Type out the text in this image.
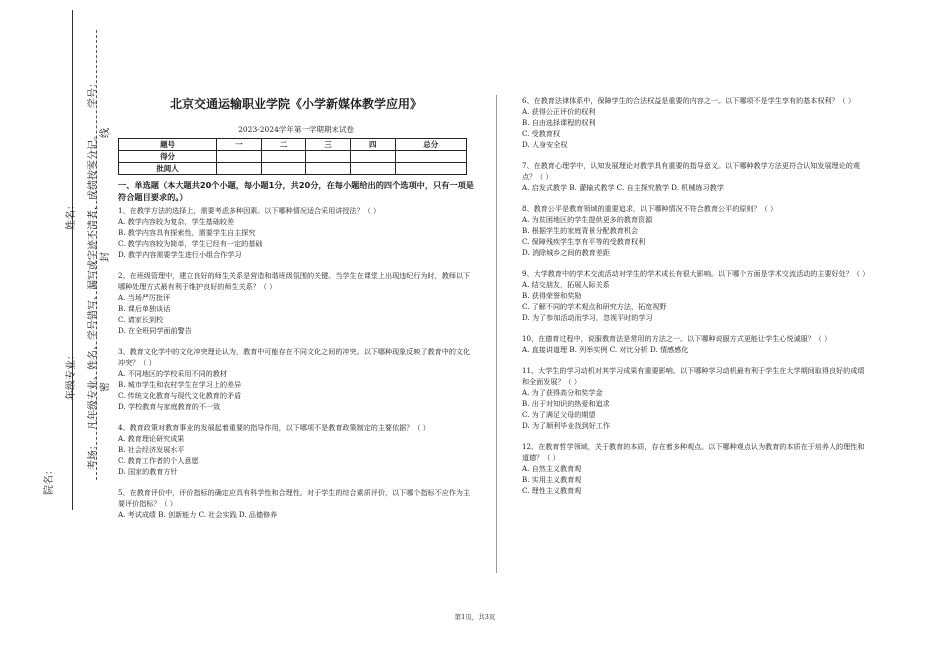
姓名：
年级专业：
院名：
学号：
考场：
凡年级专业、姓名、学号错写、漏写或字迹不清者，成绩按零分记。 密
封
线

北京交通运输职业学院《小学新媒体教学应用》

2023-2024学年第一学期期末试卷

题号	一	二	三	四	总分
得分					
批阅人					

一、单选题（本大题共20个小题，每小题1分，共20分，在每小题给出的四个选项中，只有一项是符合题目要求的。）

1、在教学方法的选择上，需要考虑多种因素。以下哪种情况适合采用讲授法？（ ）

A. 教学内容较为复杂，学生基础较差

B. 教学内容具有探索性，需要学生自主探究

C. 教学内容较为简单，学生已经有一定的基础

D. 教学内容需要学生进行小组合作学习

2、在班级管理中，建立良好的师生关系是营造和谐班级氛围的关键。当学生在课堂上出现违纪行为时，教师以下哪种处理方式最有利于维护良好的师生关系？（ ）

A. 当场严厉批评

B. 课后单独谈话

C. 请家长到校

D. 在全班同学面前警告

3、教育文化学中的文化冲突理论认为，教育中可能存在不同文化之间的冲突。以下哪种现象反映了教育中的文化冲突？（ ）

A. 不同地区的学校采用不同的教材

B. 城市学生和农村学生在学习上的差异

C. 传统文化教育与现代文化教育的矛盾

D. 学校教育与家庭教育的不一致

4、教育政策对教育事业的发展起着重要的指导作用，以下哪项不是教育政策制定的主要依据？（ ）

A. 教育理论研究成果

B. 社会经济发展水平

C. 教育工作者的个人意愿

D. 国家的教育方针

5、在教育评价中，评价指标的确定应具有科学性和合理性。对于学生的综合素质评价，以下哪个指标不应作为主要评价指标？（ ）

A. 考试成绩 B. 创新能力 C. 社会实践 D. 品德修养

6、在教育法律体系中，保障学生的合法权益是重要的内容之一。以下哪项不是学生享有的基本权利？（ ）

A. 获得公正评价的权利

B. 自由选择课程的权利

C. 受教育权

D. 人身安全权

7、在教育心理学中，认知发展理论对教学具有重要的指导意义。以下哪种教学方法更符合认知发展理论的观点？（ ）

A. 启发式教学 B. 灌输式教学 C. 自主探究教学 D. 机械练习教学

8、教育公平是教育领域的重要追求，以下哪种情况不符合教育公平的原则？（ ）

A. 为贫困地区的学生提供更多的教育资源

B. 根据学生的家庭背景分配教育机会

C. 保障残疾学生享有平等的受教育权利

D. 消除城乡之间的教育差距

9、大学教育中的学术交流活动对学生的学术成长有很大影响。以下哪个方面是学术交流活动的主要好处？（ ）

A. 结交朋友，拓展人际关系

B. 获得荣誉和奖励

C. 了解不同的学术观点和研究方法，拓宽视野

D. 为了参加活动而学习，忽视平时的学习

10、在德育过程中，说服教育法是常用的方法之一。以下哪种说服方式更能让学生心悦诚服？（ ）

A. 直接讲道理 B. 列举实例 C. 对比分析 D. 情感感化

11、大学生的学习动机对其学习成果有重要影响。以下哪种学习动机最有利于学生在大学期间取得良好的成绩和全面发展？（ ）

A. 为了获得高分和奖学金

B. 出于对知识的热爱和追求

C. 为了满足父母的期望

D. 为了顺利毕业找到好工作

12、在教育哲学领域，关于教育的本质，存在着多种观点。以下哪种观点认为教育的本质在于培养人的理性和道德？（ ）

A. 自然主义教育观

B. 实用主义教育观

C. 理性主义教育观

第1页，共3页
